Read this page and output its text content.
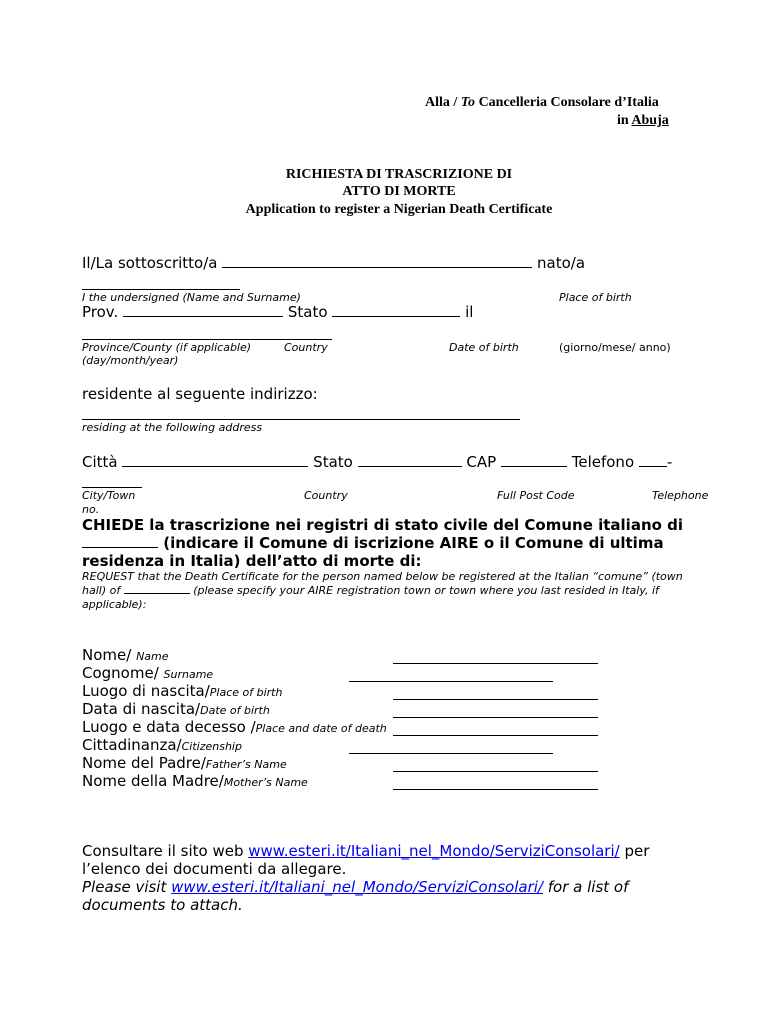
Alla / To Cancelleria Consolare d’Italia
in Abuja
RICHIESTA DI TRASCRIZIONE DI
ATTO DI MORTE
Application to register a Nigerian Death Certificate
Il/La sottoscritto/a	nato/a
I the undersigned (Name and Surname)	Place of birth
Prov.	Stato	il
Province/County (if applicable)	Country	Date of birth	(giorno/mese/ anno)
(day/month/year)
residente al seguente indirizzo:
residing at the following address
Città	Stato	CAP	Telefono -
City/Town	Country	Full Post Code	Telephone
no.
CHIEDE la trascrizione nei registri di stato civile del Comune italiano di
(indicare il Comune di iscrizione AIRE o il Comune di ultima
residenza in Italia) dell’atto di morte di:
REQUEST that the Death Certificate for the person named below be registered at the Italian “comune” (town
hall) of	(please specify your AIRE registration town or town where you last resided in Italy, if
applicable):
Nome/ Name
Cognome/ Surname
Luogo di nascita/Place of birth
Data di nascita/Date of birth
Luogo e data decesso /Place and date of death
Cittadinanza/Citizenship
Nome del Padre/Father’s Name
Nome della Madre/Mother’s Name
Consultare il sito web www.esteri.it/Italiani_nel_Mondo/ServiziConsolari/ per
l’elenco dei documenti da allegare.
Please visit www.esteri.it/Italiani_nel_Mondo/ServiziConsolari/ for a list of
documents to attach.
